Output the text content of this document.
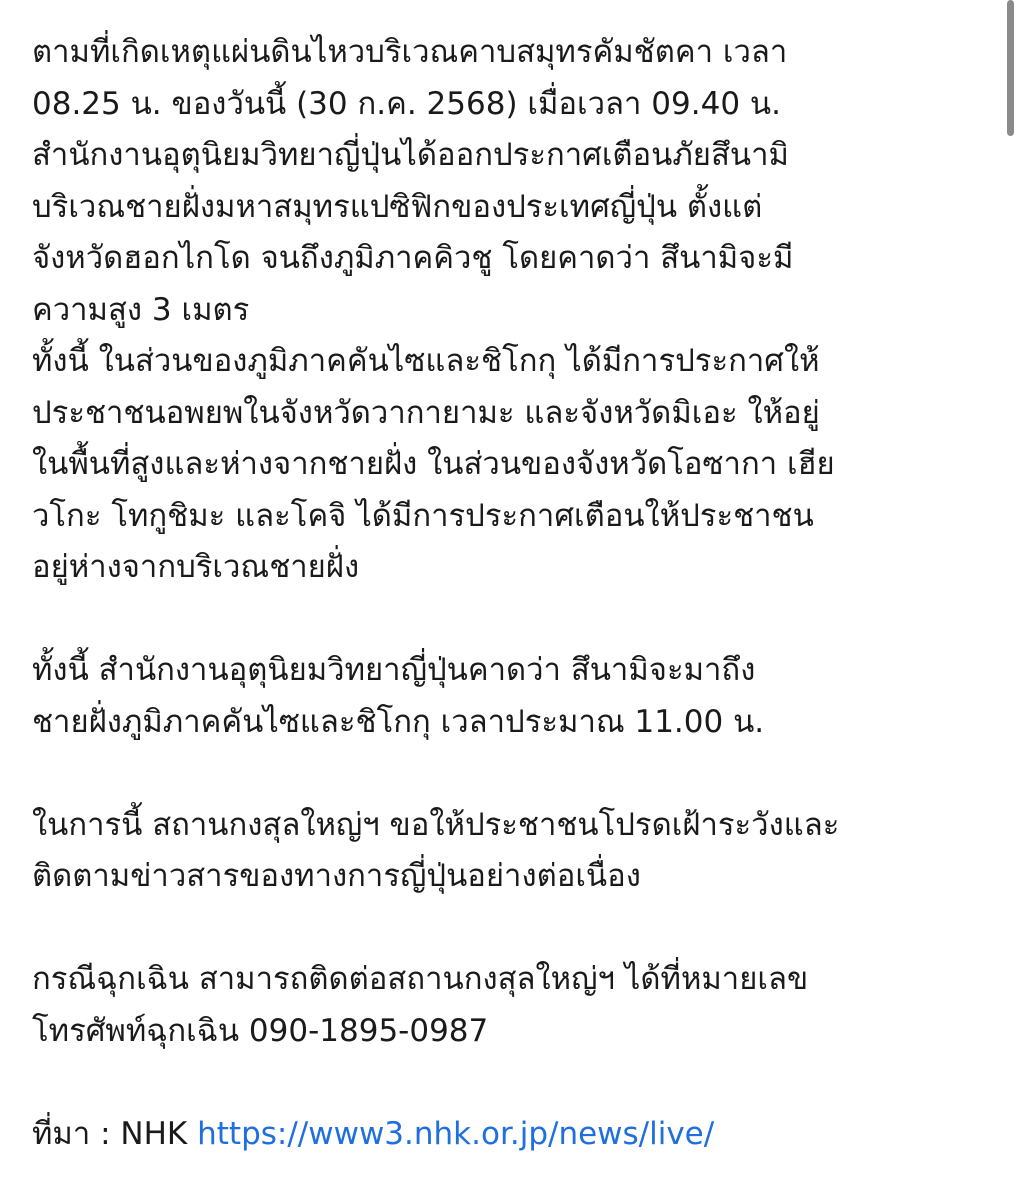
ตามที่เกิดเหตุแผ่นดินไหวบริเวณคาบสมุทรคัมชัตคา เวลา
08.25 น. ของวันนี้ (30 ก.ค. 2568) เมื่อเวลา 09.40 น.
สำนักงานอุตุนิยมวิทยาญี่ปุ่นได้ออกประกาศเตือนภัยสึนามิ
บริเวณชายฝั่งมหาสมุทรแปซิฟิกของประเทศญี่ปุ่น ตั้งแต่
จังหวัดฮอกไกโด จนถึงภูมิภาคคิวชู โดยคาดว่า สึนามิจะมี
ความสูง 3 เมตร
ทั้งนี้ ในส่วนของภูมิภาคคันไซและชิโกกุ ได้มีการประกาศให้
ประชาชนอพยพในจังหวัดวากายามะ และจังหวัดมิเอะ ให้อยู่
ในพื้นที่สูงและห่างจากชายฝั่ง ในส่วนของจังหวัดโอซากา เฮีย
วโกะ โทกูชิมะ และโคจิ ได้มีการประกาศเตือนให้ประชาชน
อยู่ห่างจากบริเวณชายฝั่ง
ทั้งนี้ สำนักงานอุตุนิยมวิทยาญี่ปุ่นคาดว่า สึนามิจะมาถึง
ชายฝั่งภูมิภาคคันไซและชิโกกุ เวลาประมาณ 11.00 น.
ในการนี้ สถานกงสุลใหญ่ฯ ขอให้ประชาชนโปรดเฝ้าระวังและ
ติดตามข่าวสารของทางการญี่ปุ่นอย่างต่อเนื่อง
กรณีฉุกเฉิน สามารถติดต่อสถานกงสุลใหญ่ฯ ได้ที่หมายเลข
โทรศัพท์ฉุกเฉิน 090-1895-0987
ที่มา : NHK https://www3.nhk.or.jp/news/live/
